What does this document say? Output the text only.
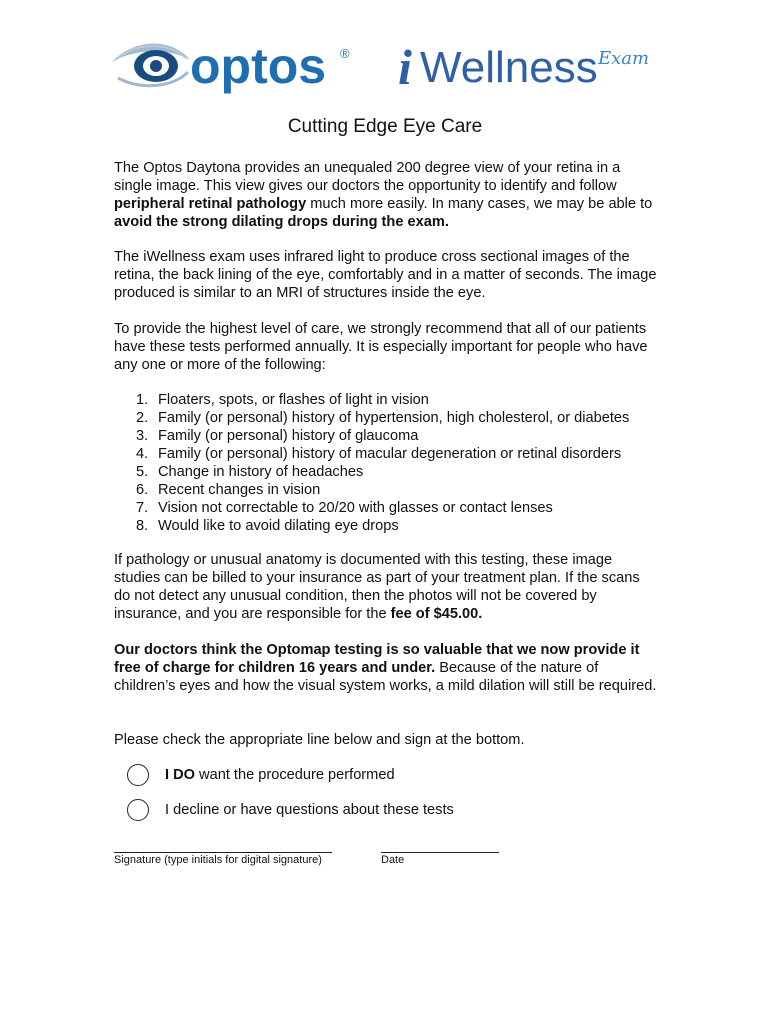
optos ® i Wellness Exam
Cutting Edge Eye Care
The Optos Daytona provides an unequaled 200 degree view of your retina in a single image. This view gives our doctors the opportunity to identify and follow peripheral retinal pathology much more easily. In many cases, we may be able to avoid the strong dilating drops during the exam.
The iWellness exam uses infrared light to produce cross sectional images of the retina, the back lining of the eye, comfortably and in a matter of seconds. The image produced is similar to an MRI of structures inside the eye.
To provide the highest level of care, we strongly recommend that all of our patients have these tests performed annually. It is especially important for people who have any one or more of the following:
1. Floaters, spots, or flashes of light in vision
2. Family (or personal) history of hypertension, high cholesterol, or diabetes
3. Family (or personal) history of glaucoma
4. Family (or personal) history of macular degeneration or retinal disorders
5. Change in history of headaches
6. Recent changes in vision
7. Vision not correctable to 20/20 with glasses or contact lenses
8. Would like to avoid dilating eye drops
If pathology or unusual anatomy is documented with this testing, these image studies can be billed to your insurance as part of your treatment plan. If the scans do not detect any unusual condition, then the photos will not be covered by insurance, and you are responsible for the fee of $45.00.
Our doctors think the Optomap testing is so valuable that we now provide it free of charge for children 16 years and under. Because of the nature of children’s eyes and how the visual system works, a mild dilation will still be required.
Please check the appropriate line below and sign at the bottom.
I DO want the procedure performed
I decline or have questions about these tests
Signature (type initials for digital signature)	Date
